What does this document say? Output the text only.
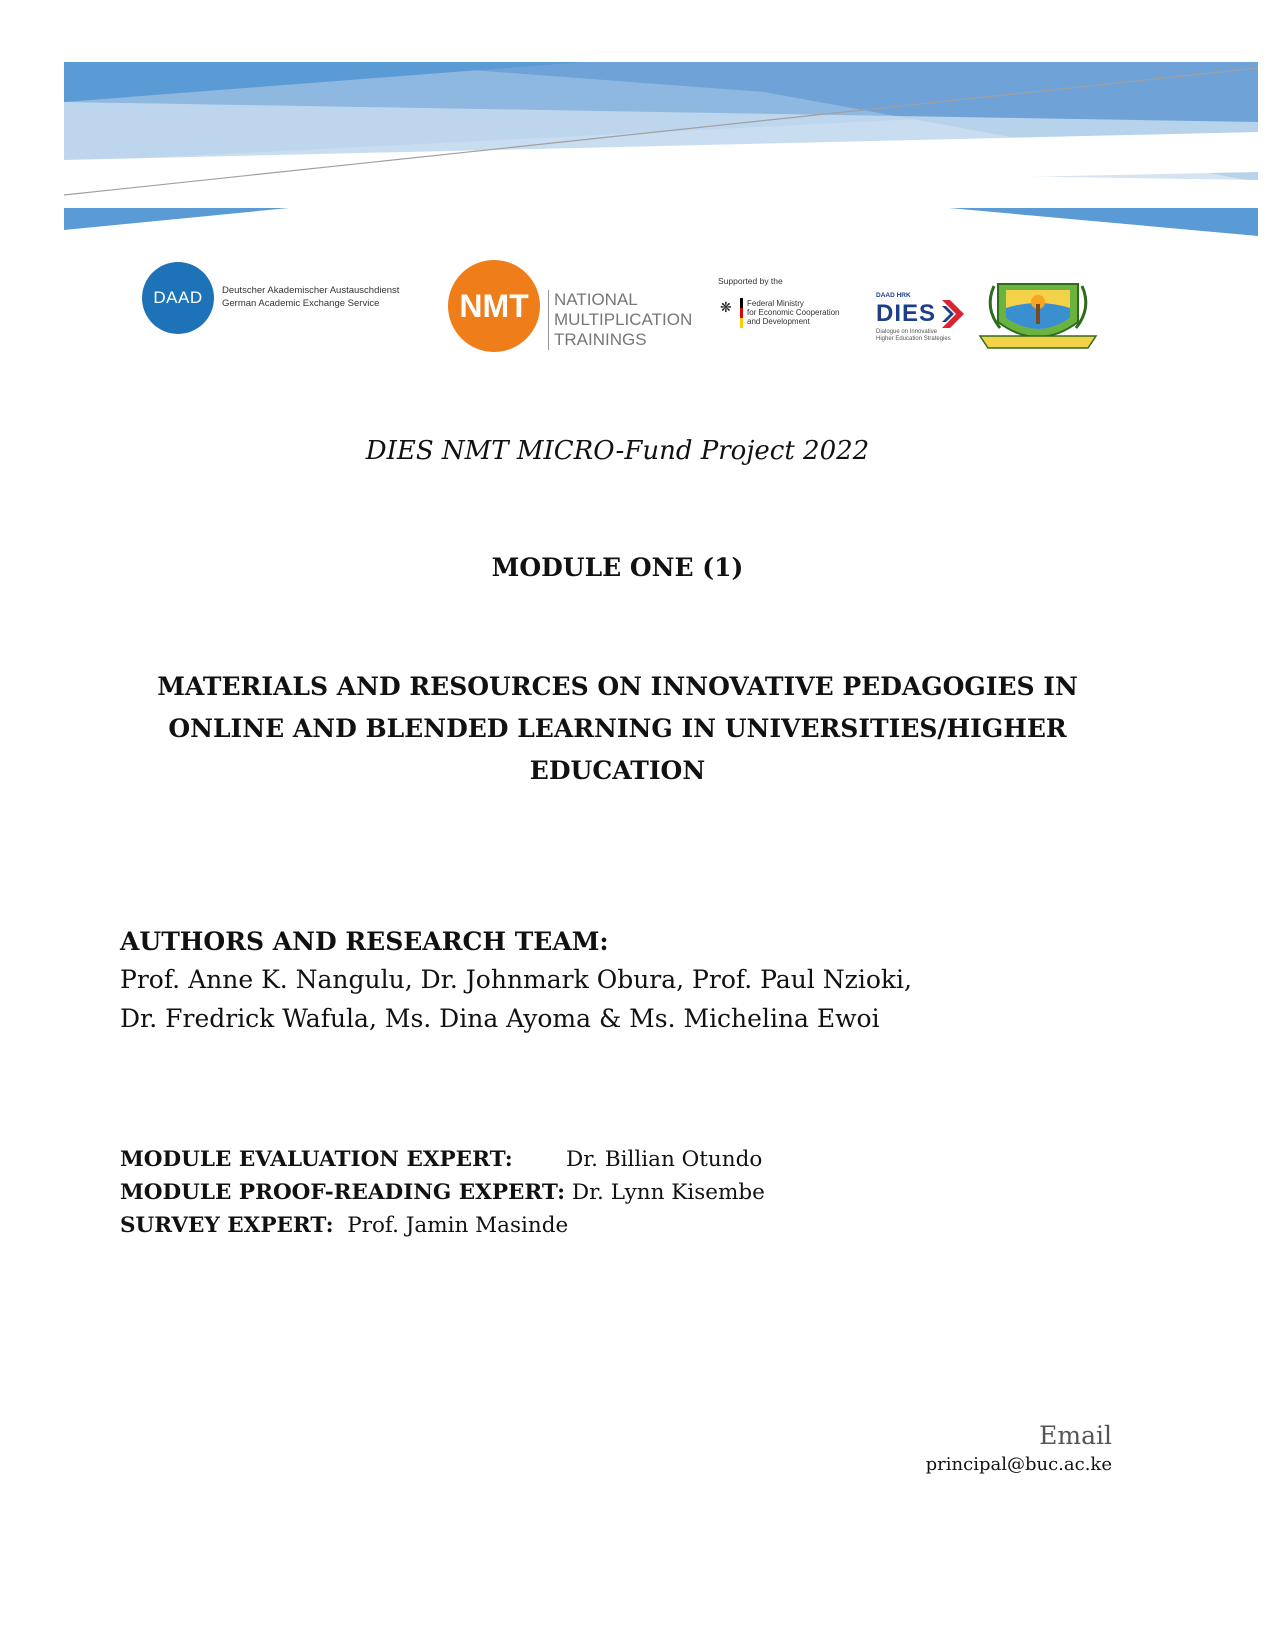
DAAD	Deutscher Akademischer Austauschdienst
German Academic Exchange Service	NMT	NATIONAL
MULTIPLICATION
TRAININGS
Supported by the
❋ Federal Ministry
for Economic Cooperation
and Development
DAAD HRK
DIES
Dialogue on Innovative
Higher Education Strategies
DIES NMT MICRO-Fund Project 2022
MODULE ONE (1)
MATERIALS AND RESOURCES ON INNOVATIVE PEDAGOGIES IN
ONLINE AND BLENDED LEARNING IN UNIVERSITIES/HIGHER
EDUCATION
AUTHORS AND RESEARCH TEAM:
Prof. Anne K. Nangulu, Dr. Johnmark Obura, Prof. Paul Nzioki,
Dr. Fredrick Wafula, Ms. Dina Ayoma & Ms. Michelina Ewoi
MODULE EVALUATION EXPERT: Dr. Billian Otundo
MODULE PROOF-READING EXPERT: Dr. Lynn Kisembe
SURVEY EXPERT: Prof. Jamin Masinde
Email
principal@buc.ac.ke
